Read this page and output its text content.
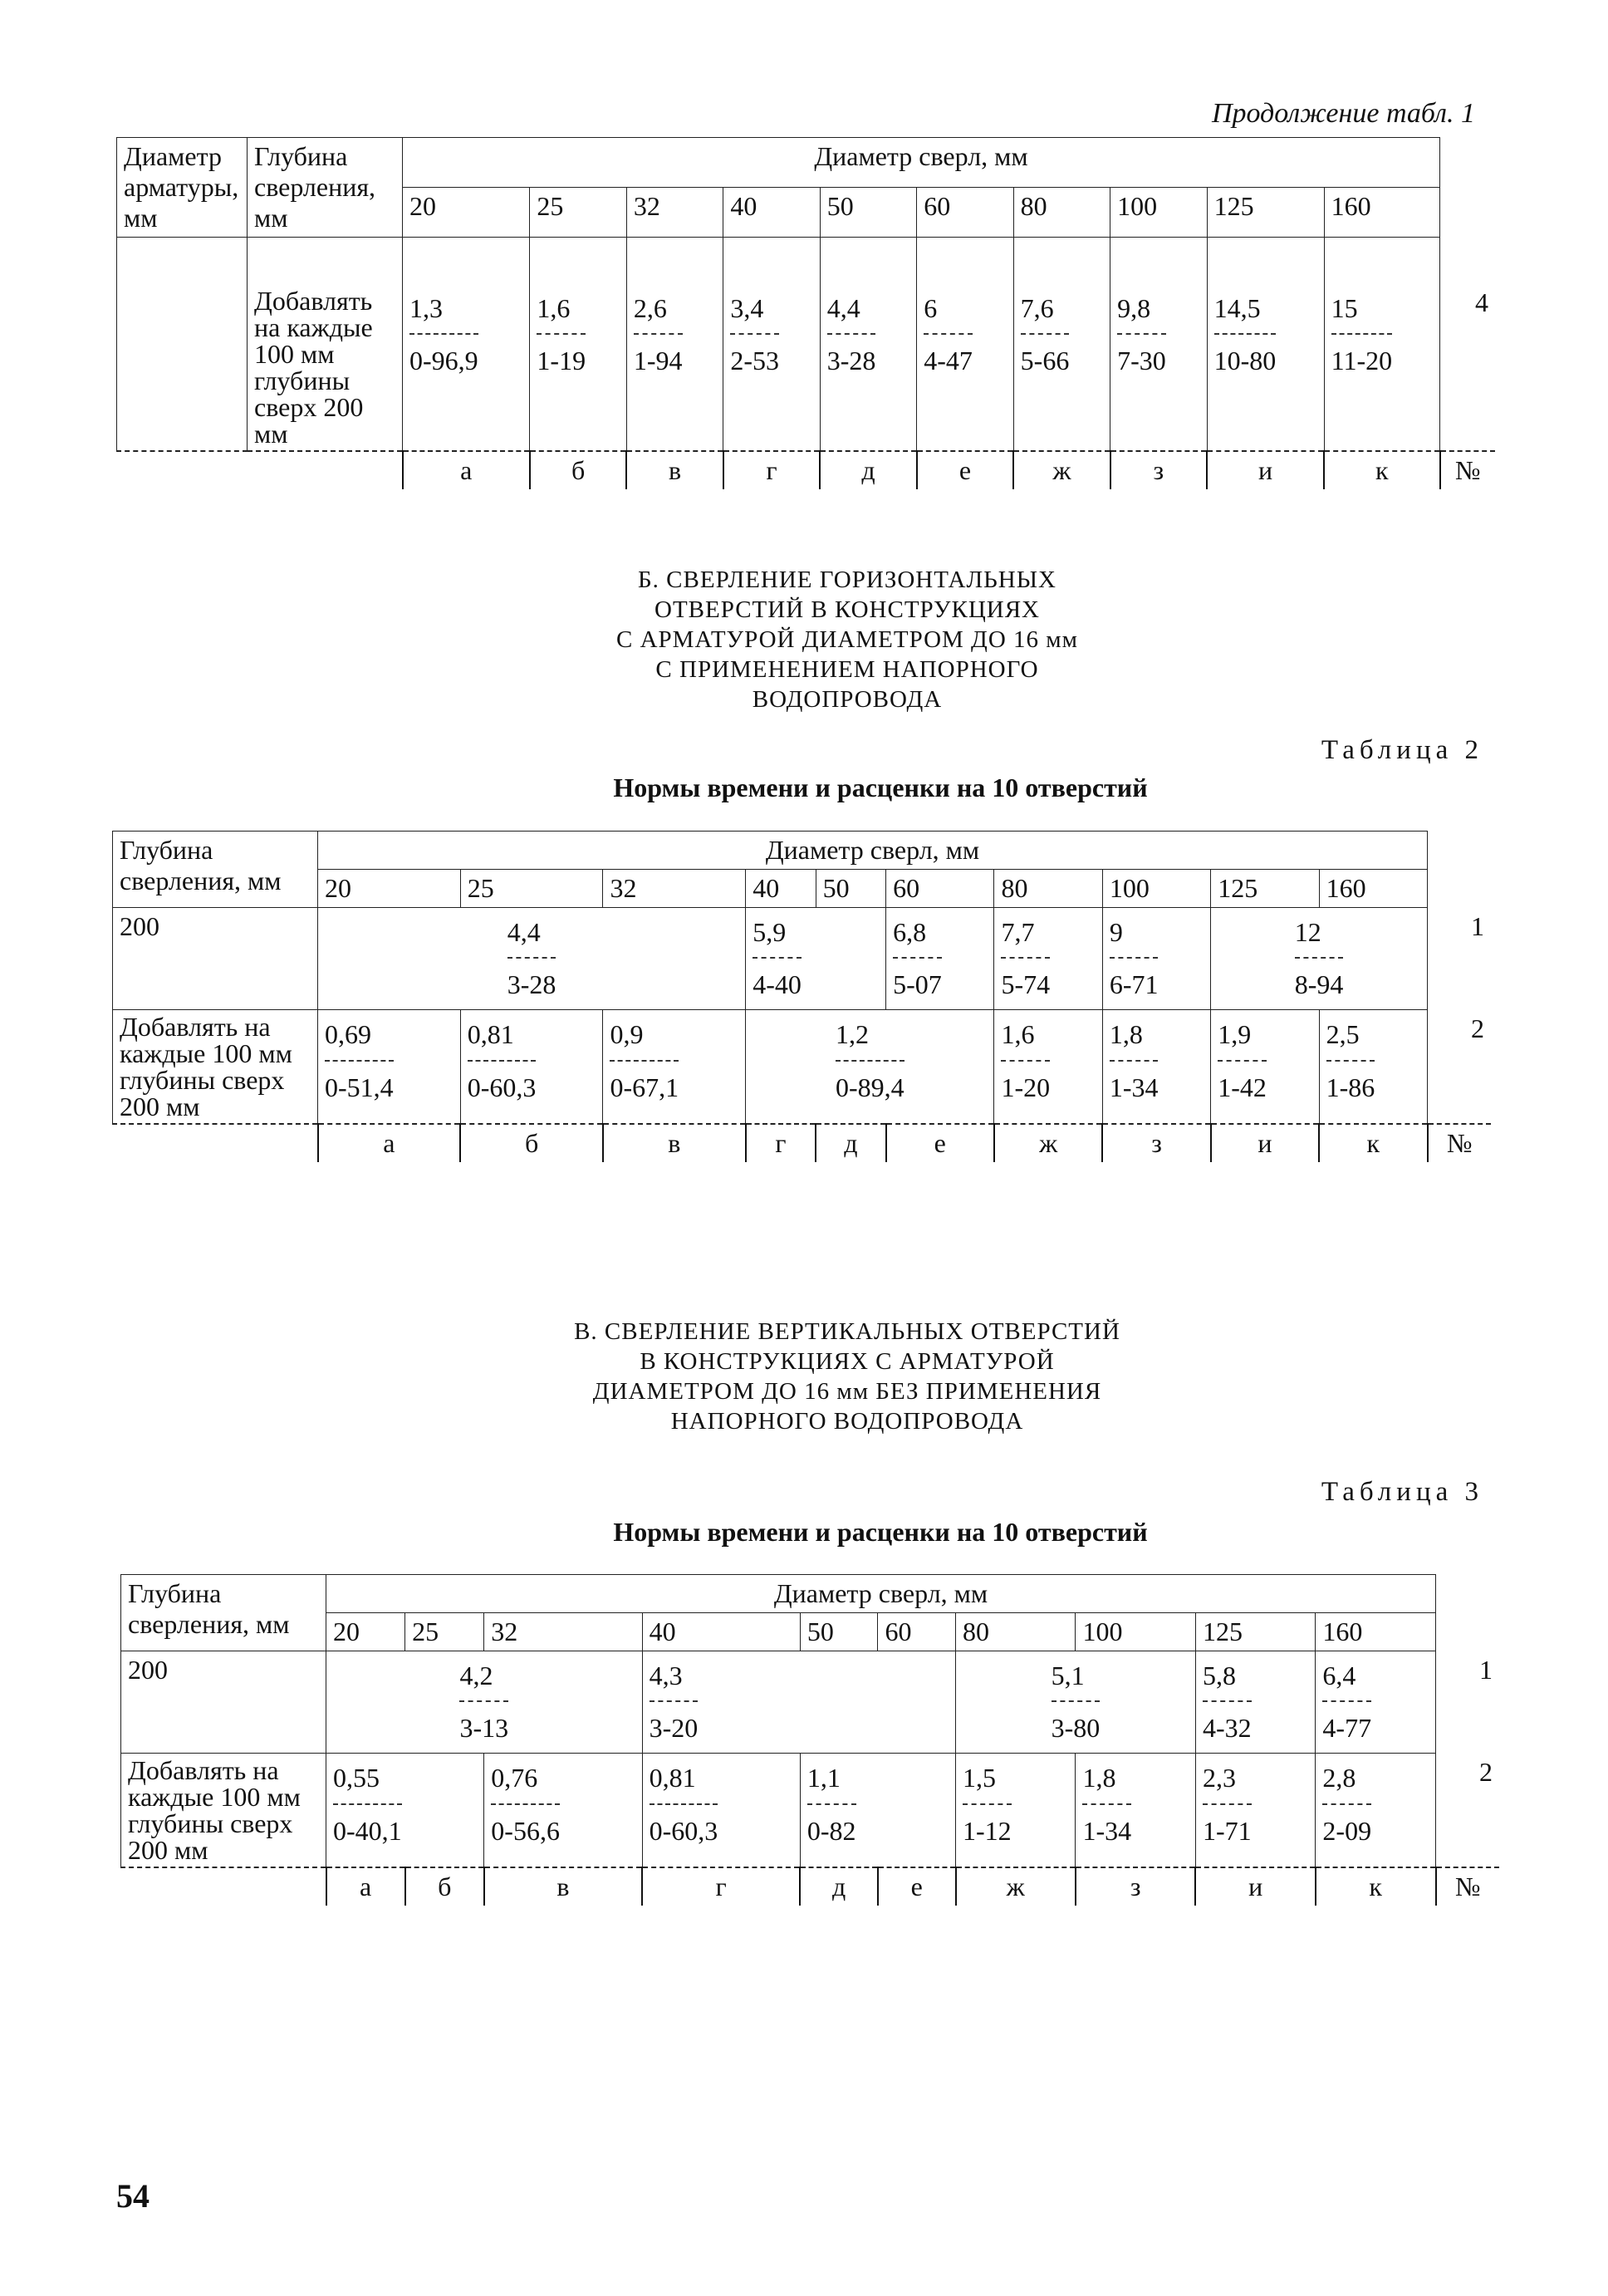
Продолжение табл. 1
Диаметр арматуры, мм	Глубина сверления, мм	Диаметр сверл, мм										
		20	25	32	40	50	60	80	100	125	160	
	Добавлять на каждые 100 мм глубины сверх 200 мм	$\frac{1,3}{0-96,9}$	$\frac{1,6}{1-19}$	$\frac{2,6}{1-94}$	$\frac{3,4}{2-53}$	$\frac{4,4}{3-28}$	$\frac{6}{4-47}$	$\frac{7,6}{5-66}$	$\frac{9,8}{7-30}$	$\frac{14,5}{10-80}$	$\frac{15}{11-20}$	4
		а	б	в	г	д	е	ж	з	и	к	№
Б. СВЕРЛЕНИЕ ГОРИЗОНТАЛЬНЫХ
ОТВЕРСТИЙ В КОНСТРУКЦИЯХ
С АРМАТУРОЙ ДИАМЕТРОМ ДО 16 мм
С ПРИМЕНЕНИЕМ НАПОРНОГО
ВОДОПРОВОДА
Таблица 2
Нормы времени и расценки на 10 отверстий
Глубина сверления, мм	Диаметр сверл, мм										
	20	25	32	40	50	60	80	100	125	160	
200	$\frac{4,4}{3-28}$			$\frac{5,9}{4-40}$		$\frac{6,8}{5-07}$	$\frac{7,7}{5-74}$	$\frac{9}{6-71}$	$\frac{12}{8-94}$		1
Добавлять на каждые 100 мм глубины сверх 200 мм	$\frac{0,69}{0-51,4}$	$\frac{0,81}{0-60,3}$	$\frac{0,9}{0-67,1}$	$\frac{1,2}{0-89,4}$			$\frac{1,6}{1-20}$	$\frac{1,8}{1-34}$	$\frac{1,9}{1-42}$	$\frac{2,5}{1-86}$	2
	а	б	в	г	д	е	ж	з	и	к	№
В. СВЕРЛЕНИЕ ВЕРТИКАЛЬНЫХ ОТВЕРСТИЙ
В КОНСТРУКЦИЯХ С АРМАТУРОЙ
ДИАМЕТРОМ ДО 16 мм БЕЗ ПРИМЕНЕНИЯ
НАПОРНОГО ВОДОПРОВОДА
Таблица 3
Нормы времени и расценки на 10 отверстий
Глубина сверления, мм	Диаметр сверл, мм										
	20	25	32	40	50	60	80	100	125	160	
200	$\frac{4,2}{3-13}$			$\frac{4,3}{3-20}$			$\frac{5,1}{3-80}$		$\frac{5,8}{4-32}$	$\frac{6,4}{4-77}$	1
Добавлять на каждые 100 мм глубины сверх 200 мм	$\frac{0,55}{0-40,1}$		$\frac{0,76}{0-56,6}$	$\frac{0,81}{0-60,3}$	$\frac{1,1}{0-82}$		$\frac{1,5}{1-12}$	$\frac{1,8}{1-34}$	$\frac{2,3}{1-71}$	$\frac{2,8}{2-09}$	2
	а	б	в	г	д	е	ж	з	и	к	№
54
